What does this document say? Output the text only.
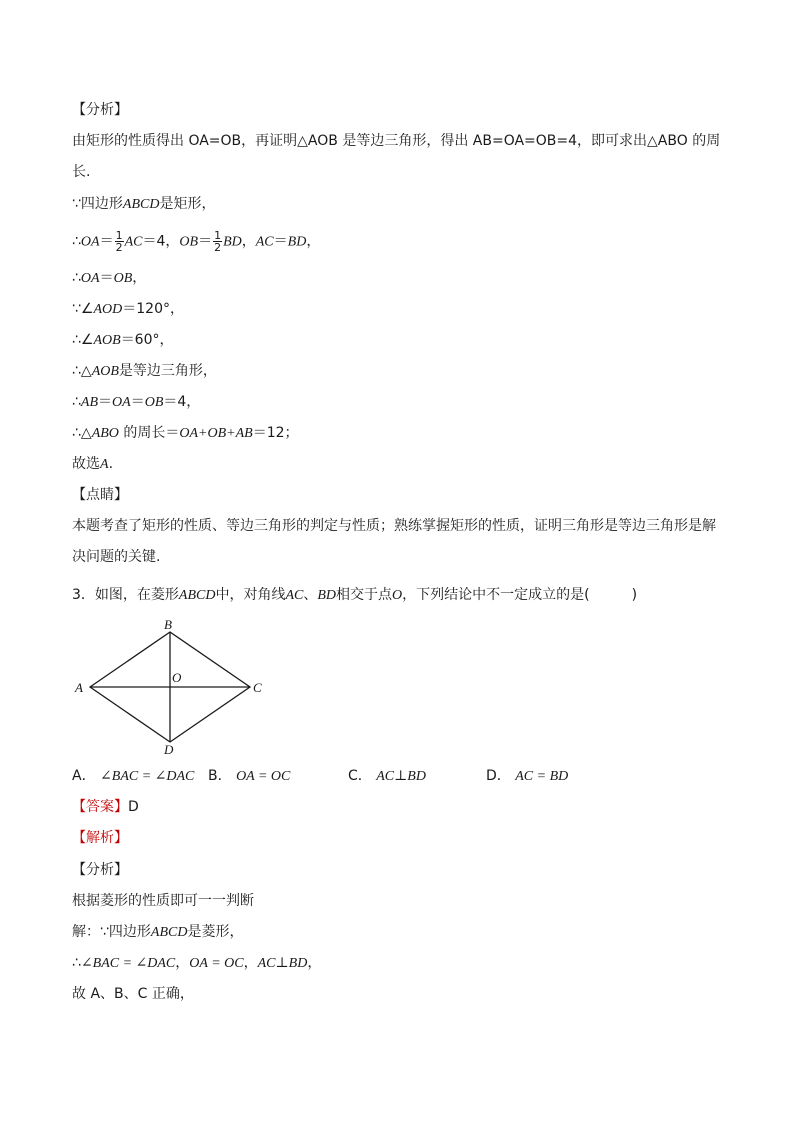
【分析】
由矩形的性质得出 OA=OB，再证明△AOB 是等边三角形，得出 AB=OA=OB=4，即可求出△ABO 的周
长.
∵四边形ABCD是矩形，
∴OA＝ $\frac{1}{2} AC=4$，$OB= \frac{1}{2}$ BD，AC＝BD，
∴OA＝OB，
∵∠AOD＝120°，
∴∠AOB＝60°，
∴△AOB是等边三角形，
∴AB＝OA＝OB＝4，
∴△ABO 的周长＝OA+OB+AB＝12；
故选A.
【点睛】
本题考查了矩形的性质、等边三角形的判定与性质；熟练掌握矩形的性质，证明三角形是等边三角形是解
决问题的关键.
3．如图，在菱形ABCD中，对角线AC、BD相交于点O，下列结论中不一定成立的是(　　　)
A
B
C
D
O
A． ∠BAC = ∠DAC B． OA = OC	C． AC⊥BD	D． AC = BD
【答案】D
【解析】
【分析】
根据菱形的性质即可一一判断
解：∵四边形ABCD是菱形，
∴∠BAC = ∠DAC，OA = OC，AC⊥BD，
故 A、B、C 正确，
